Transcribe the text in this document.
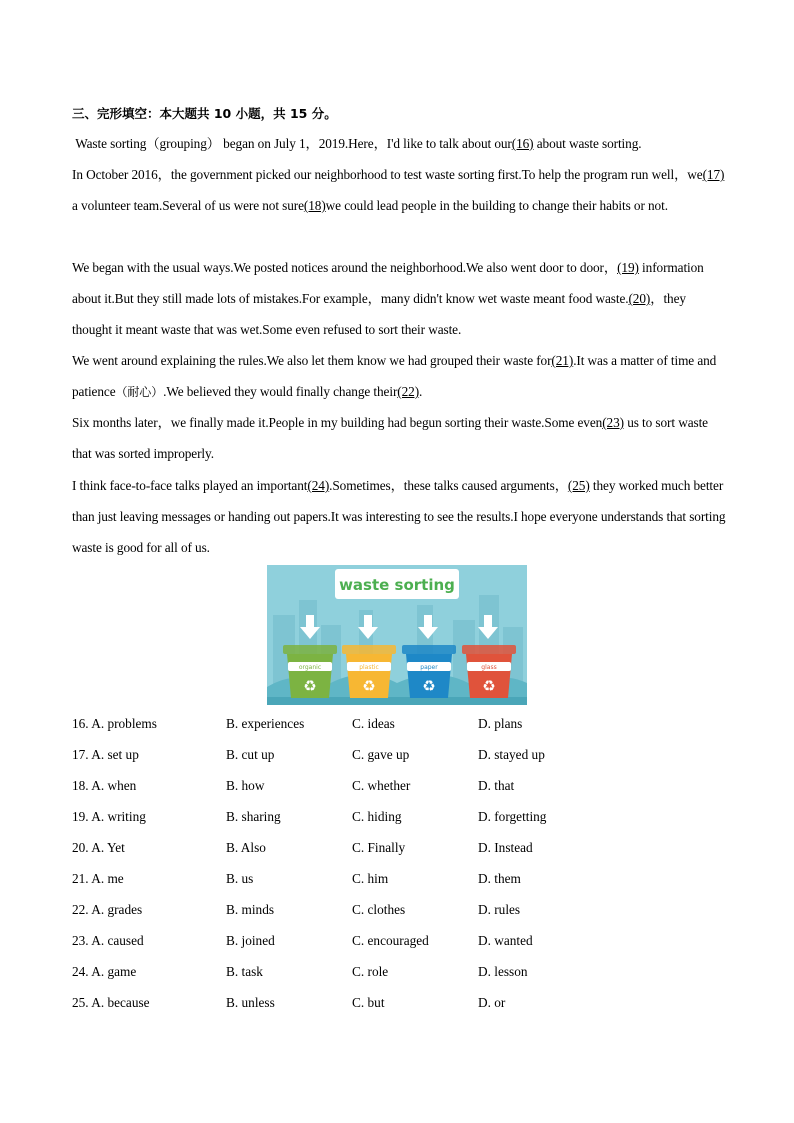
三、完形填空：本大题共 10 小题，共 15 分。
Waste sorting（grouping） began on July 1，2019.Here，I'd like to talk about our(16) about waste sorting.
In October 2016，the government picked our neighborhood to test waste sorting first.To help the program run well，we(17) a volunteer team.Several of us were not sure(18)we could lead people in the building to change their habits or not.
We began with the usual ways.We posted notices around the neighborhood.We also went door to door，(19) information about it.But they still made lots of mistakes.For example，many didn't know wet waste meant food waste.(20)，they thought it meant waste that was wet.Some even refused to sort their waste.
We went around explaining the rules.We also let them know we had grouped their waste for(21).It was a matter of time and patience（耐心）.We believed they would finally change their(22).
Six months later，we finally made it.People in my building had begun sorting their waste.Some even(23) us to sort waste that was sorted improperly.
I think face-to-face talks played an important(24).Sometimes，these talks caused arguments，(25) they worked much better than just leaving messages or handing out papers.It was interesting to see the results.I hope everyone understands that sorting waste is good for all of us.
waste sorting
organic
♻
plastic
♻
paper
♻
glass
♻
16. A. problems	B. experiences	C. ideas	D. plans
17. A. set up	B. cut up	C. gave up	D. stayed up
18. A. when	B. how	C. whether	D. that
19. A. writing	B. sharing	C. hiding	D. forgetting
20. A. Yet	B. Also	C. Finally	D. Instead
21. A. me	B. us	C. him	D. them
22. A. grades	B. minds	C. clothes	D. rules
23. A. caused	B. joined	C. encouraged	D. wanted
24. A. game	B. task	C. role	D. lesson
25. A. because	B. unless	C. but	D. or
